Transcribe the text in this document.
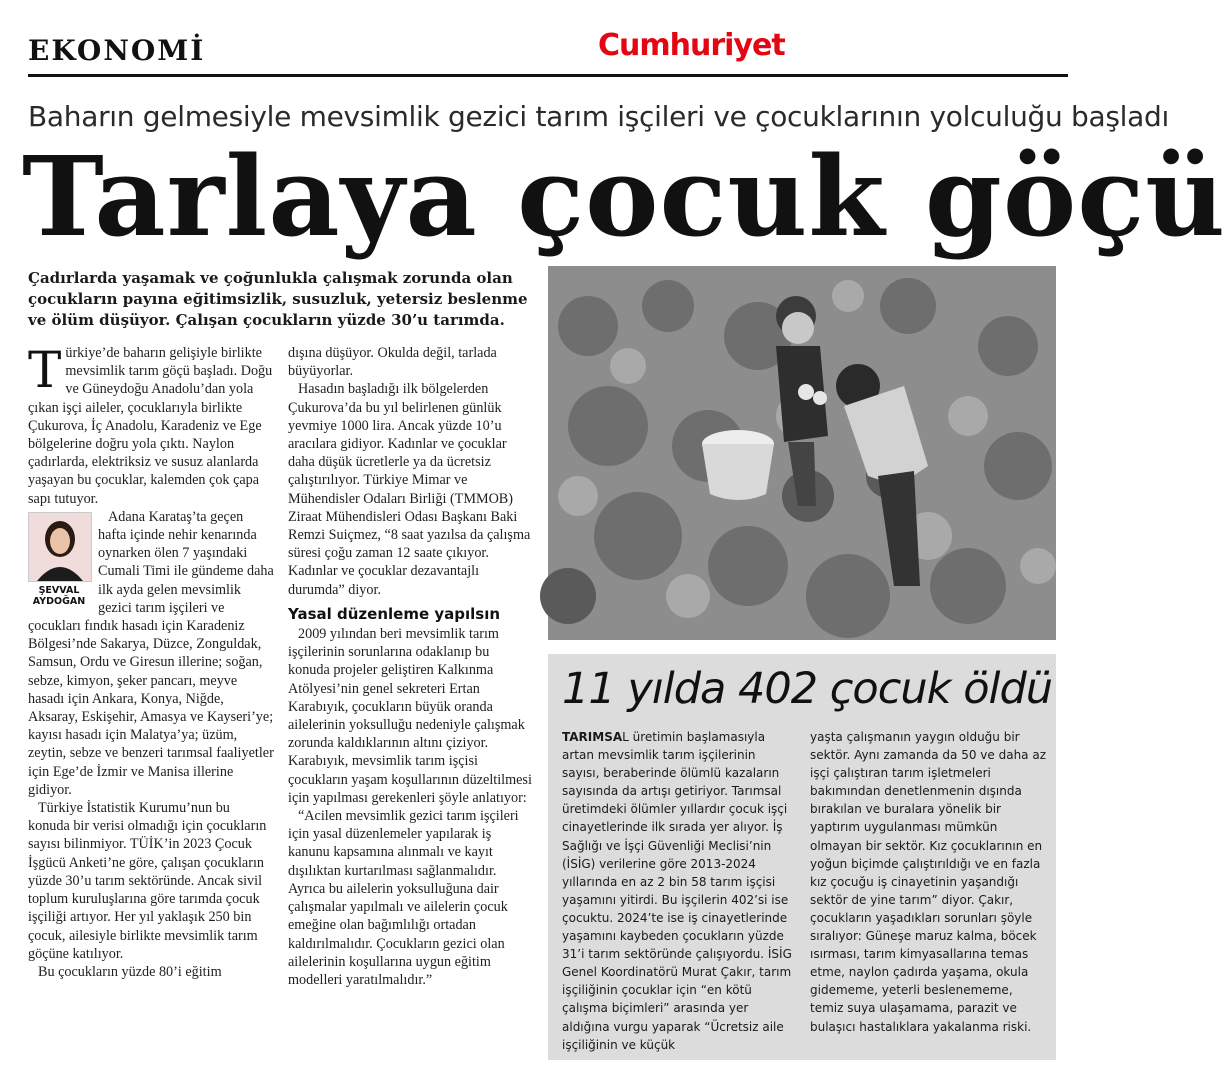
EKONOMİ	Cumhuriyet
Baharın gelmesiyle mevsimlik gezici tarım işçileri ve çocuklarının yolculuğu başladı
Tarlaya çocuk göçü
Çadırlarda yaşamak ve çoğunlukla çalışmak zorunda olan çocukların payına eğitimsizlik, susuzluk, yetersiz beslenme ve ölüm düşüyor. Çalışan çocukların yüzde 30’u tarımda.
T ürkiye’de baharın gelişiyle birlikte mevsimlik tarım göçü başladı. Doğu ve Güneydoğu Anadolu’dan yola çıkan işçi aileler, çocuklarıyla birlikte Çukurova, İç Anadolu, Karadeniz ve Ege bölgelerine doğru yola çıktı. Naylon çadırlarda, elektriksiz ve susuz alanlarda yaşayan bu çocuklar, kalemden çok çapa sapı tutuyor.

ŞEVVAL AYDOĞAN

Adana Karataş’ta geçen hafta içinde nehir kenarında oynarken ölen 7 yaşındaki Cumali Timi ile gündeme daha ilk ayda gelen mevsimlik gezici tarım işçileri ve çocukları fındık hasadı için Karadeniz Bölgesi’nde Sakarya, Düzce, Zonguldak, Samsun, Ordu ve Giresun illerine; soğan, sebze, kimyon, şeker pancarı, meyve hasadı için Ankara, Konya, Niğde, Aksaray, Eskişehir, Amasya ve Kayseri’ye; kayısı hasadı için Malatya’ya; üzüm, zeytin, sebze ve benzeri tarımsal faaliyetler için Ege’de İzmir ve Manisa illerine gidiyor.

Türkiye İstatistik Kurumu’nun bu konuda bir verisi olmadığı için çocukların sayısı bilinmiyor. TÜİK’in 2023 Çocuk İşgücü Anketi’ne göre, çalışan çocukların yüzde 30’u tarım sektöründe. Ancak sivil toplum kuruluşlarına göre tarımda çocuk işçiliği artıyor. Her yıl yaklaşık 250 bin çocuk, ailesiyle birlikte mevsimlik tarım göçüne katılıyor.

Bu çocukların yüzde 80’i eğitim

dışına düşüyor. Okulda değil, tarlada büyüyorlar.

Hasadın başladığı ilk bölgelerden Çukurova’da bu yıl belirlenen günlük yevmiye 1000 lira. Ancak yüzde 10’u aracılara gidiyor. Kadınlar ve çocuklar daha düşük ücretlerle ya da ücretsiz çalıştırılıyor. Türkiye Mimar ve Mühendisler Odaları Birliği (TMMOB) Ziraat Mühendisleri Odası Başkanı Baki Remzi Suiçmez, “8 saat yazılsa da çalışma süresi çoğu zaman 12 saate çıkıyor. Kadınlar ve çocuklar dezavantajlı durumda” diyor.

Yasal düzenleme yapılsın

2009 yılından beri mevsimlik tarım işçilerinin sorunlarına odaklanıp bu konuda projeler geliştiren Kalkınma Atölyesi’nin genel sekreteri Ertan Karabıyık, çocukların büyük oranda ailelerinin yoksulluğu nedeniyle çalışmak zorunda kaldıklarının altını çiziyor. Karabıyık, mevsimlik tarım işçisi çocukların yaşam koşullarının düzeltilmesi için yapılması gerekenleri şöyle anlatıyor:

“Acilen mevsimlik gezici tarım işçileri için yasal düzenlemeler yapılarak iş kanunu kapsamına alınmalı ve kayıt dışılıktan kurtarılması sağlanmalıdır. Ayrıca bu ailelerin yoksulluğuna dair çalışmalar yapılmalı ve ailelerin çocuk emeğine olan bağımlılığı ortadan kaldırılmalıdır. Çocukların gezici olan ailelerinin koşullarına uygun eğitim modelleri yaratılmalıdır.”

11 yılda 402 çocuk öldü
TARIMSAL üretimin başlamasıyla artan mevsimlik tarım işçilerinin sayısı, beraberinde ölümlü kazaların sayısında da artışı getiriyor. Tarımsal üretimdeki ölümler yıllardır çocuk işçi cinayetlerinde ilk sırada yer alıyor. İş Sağlığı ve İşçi Güvenliği Meclisi’nin (İSİG) verilerine göre 2013-2024 yıllarında en az 2 bin 58 tarım işçisi yaşamını yitirdi. Bu işçilerin 402’si ise çocuktu. 2024’te ise iş cinayetlerinde yaşamını kaybeden çocukların yüzde 31’i tarım sektöründe çalışıyordu. İSİG Genel Koordinatörü Murat Çakır, tarım işçiliğinin çocuklar için “en kötü çalışma biçimleri” arasında yer aldığına vurgu yaparak “Ücretsiz aile işçiliğinin ve küçük
yaşta çalışmanın yaygın olduğu bir sektör. Aynı zamanda da 50 ve daha az işçi çalıştıran tarım işletmeleri bakımından denetlenmenin dışında bırakılan ve buralara yönelik bir yaptırım uygulanması mümkün olmayan bir sektör. Kız çocuklarının en yoğun biçimde çalıştırıldığı ve en fazla kız çocuğu iş cinayetinin yaşandığı sektör de yine tarım” diyor. Çakır, çocukların yaşadıkları sorunları şöyle sıralıyor: Güneşe maruz kalma, böcek ısırması, tarım kimyasallarına temas etme, naylon çadırda yaşama, okula gidememe, yeterli beslenememe, temiz suya ulaşamama, parazit ve bulaşıcı hastalıklara yakalanma riski.
